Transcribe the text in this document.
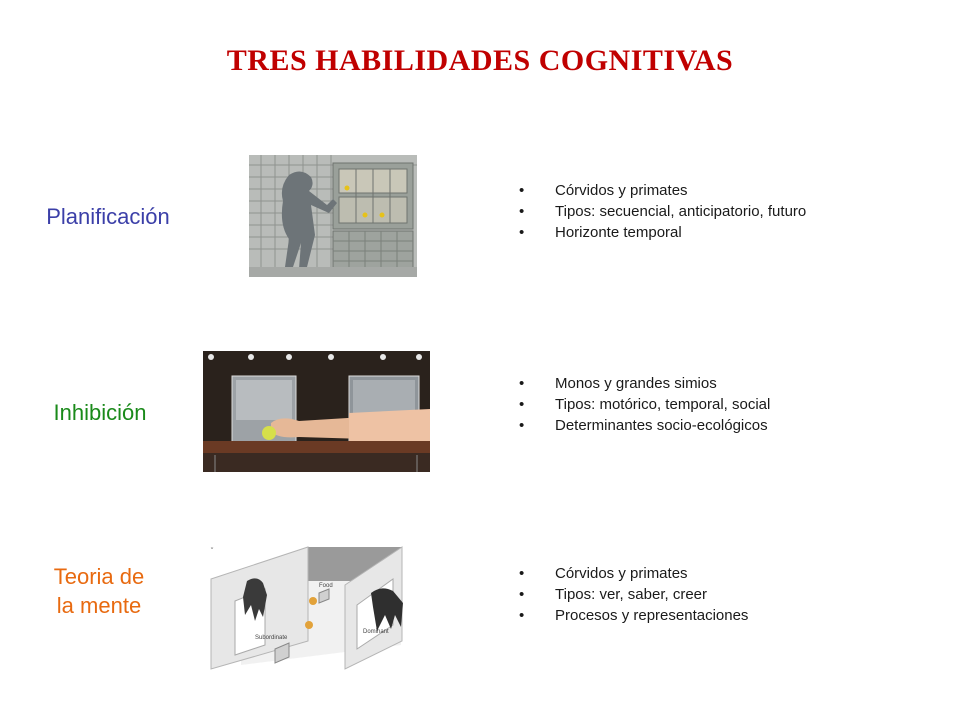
TRES HABILIDADES COGNITIVAS
Planificación
• Córvidos y primates
• Tipos: secuencial, anticipatorio, futuro
• Horizonte temporal
Inhibición
• Monos y grandes simios
• Tipos: motórico, temporal, social
• Determinantes socio-ecológicos
Teoria de
la mente
Food
Subordinate
Dominant
˘
• Córvidos y primates
• Tipos: ver, saber, creer
• Procesos y representaciones
